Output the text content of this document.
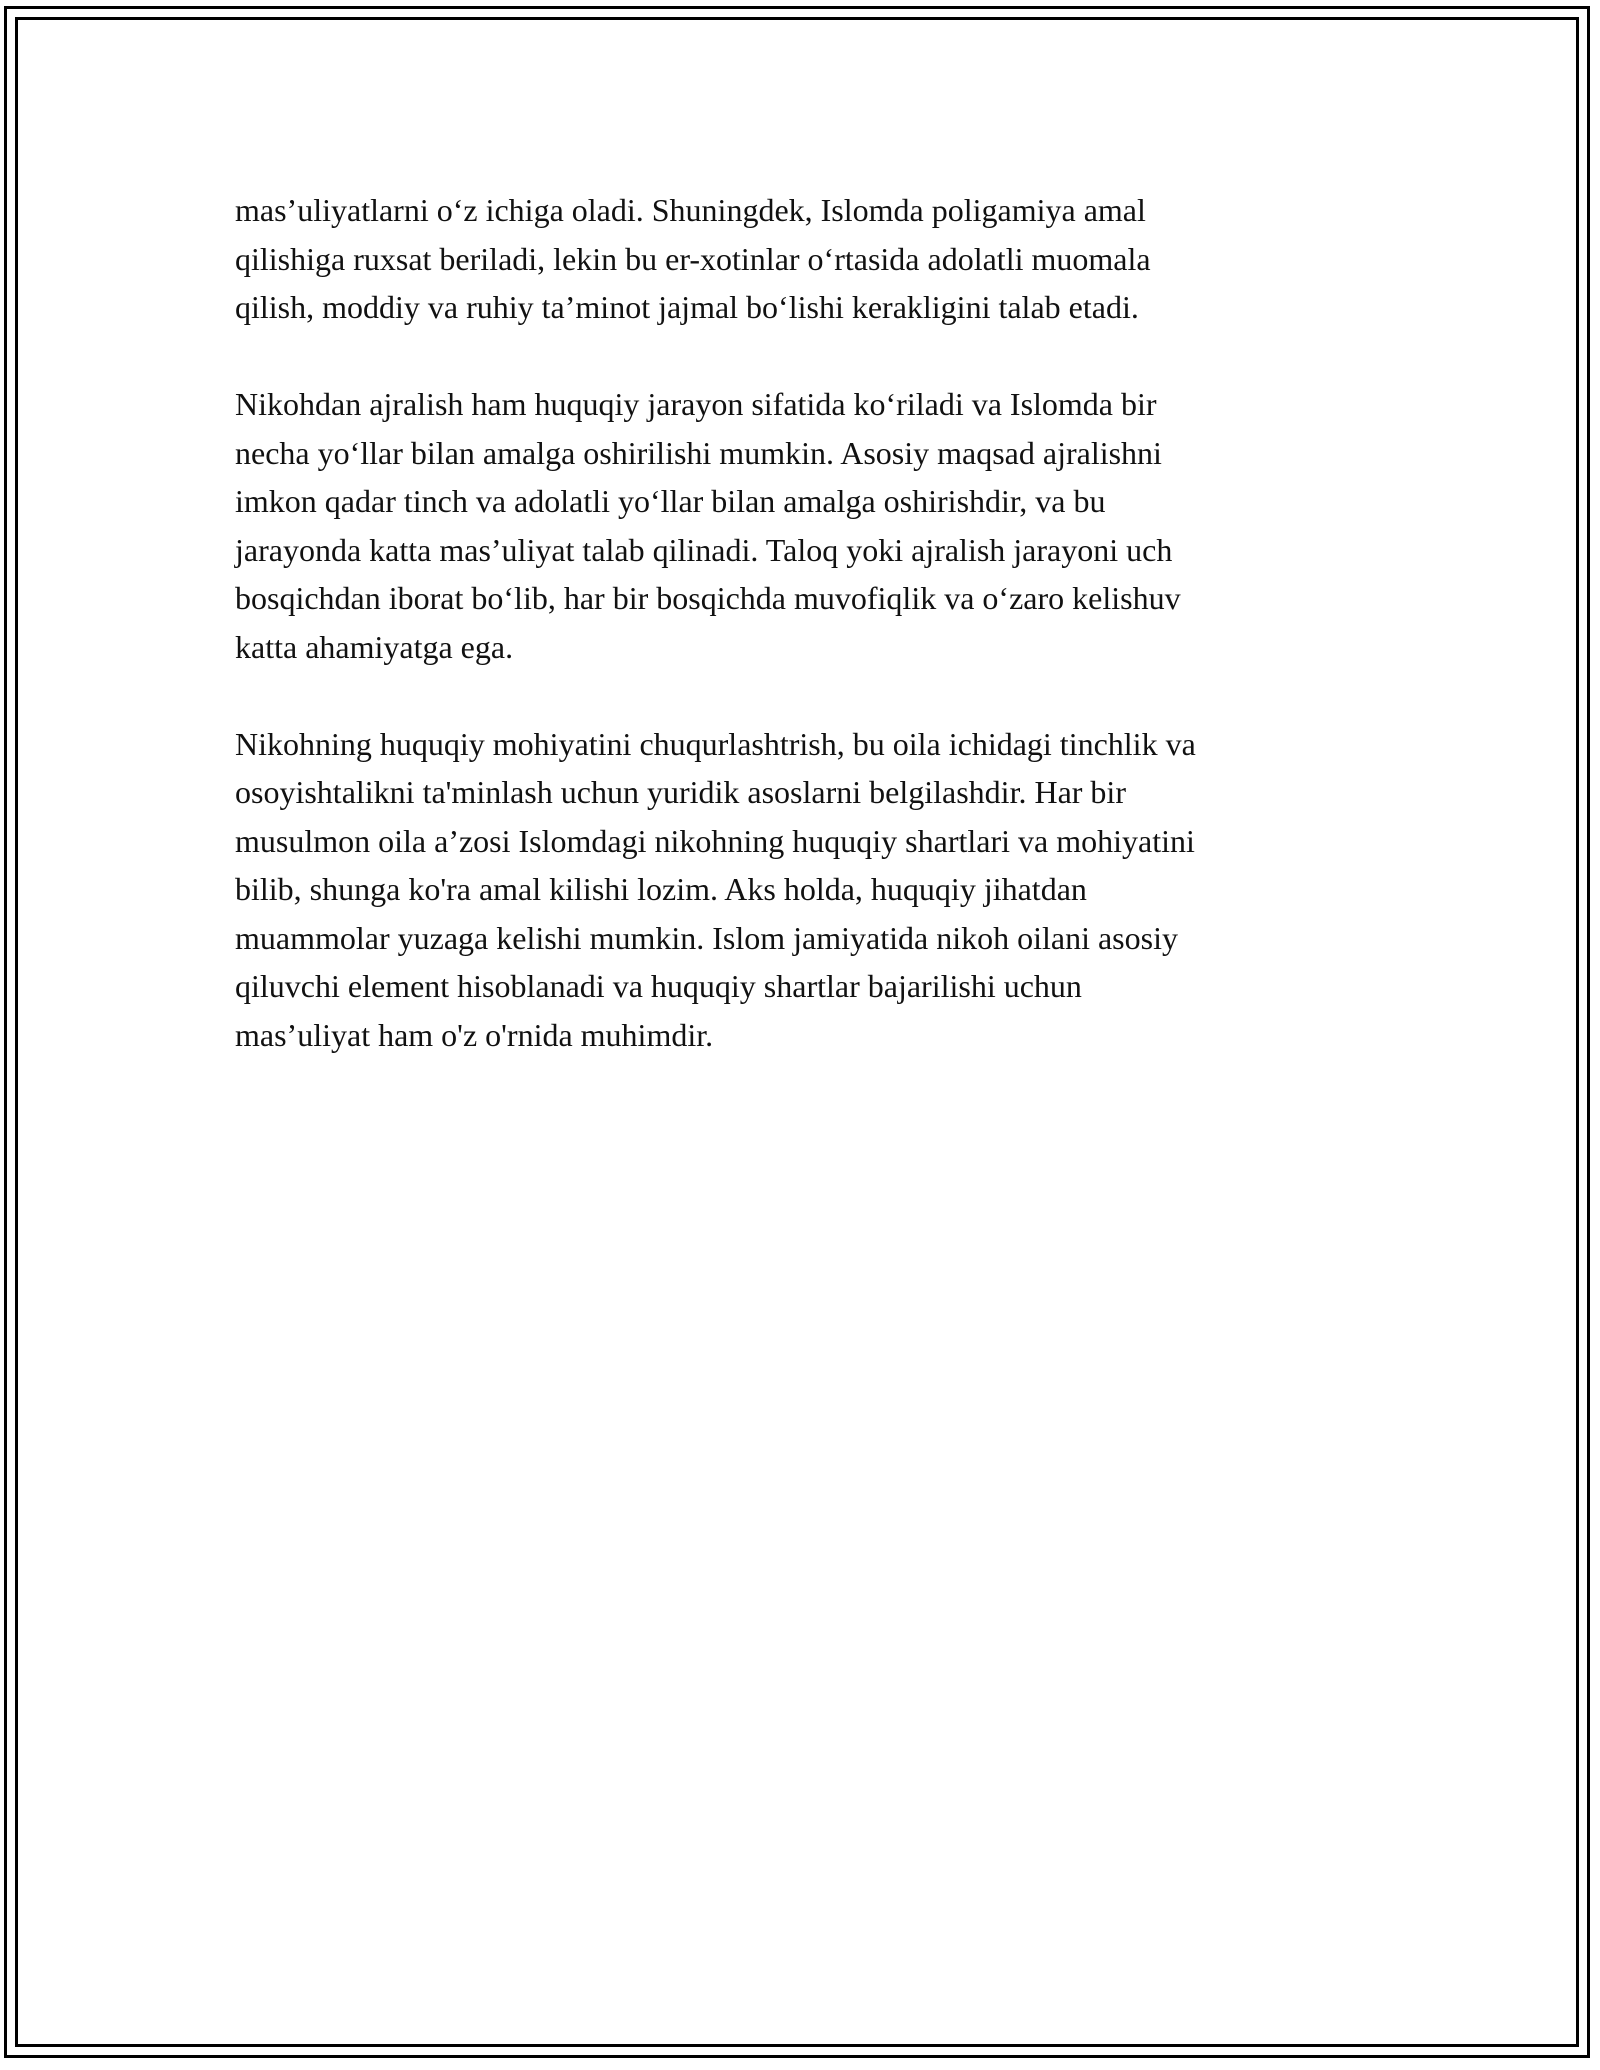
mas’uliyatlarni o‘z ichiga oladi. Shuningdek, Islomda poligamiya amal
qilishiga ruxsat beriladi, lekin bu er-xotinlar o‘rtasida adolatli muomala
qilish, moddiy va ruhiy ta’minot jajmal bo‘lishi kerakligini talab etadi.

Nikohdan ajralish ham huquqiy jarayon sifatida ko‘riladi va Islomda bir
necha yo‘llar bilan amalga oshirilishi mumkin. Asosiy maqsad ajralishni
imkon qadar tinch va adolatli yo‘llar bilan amalga oshirishdir, va bu
jarayonda katta mas’uliyat talab qilinadi. Taloq yoki ajralish jarayoni uch
bosqichdan iborat bo‘lib, har bir bosqichda muvofiqlik va o‘zaro kelishuv
katta ahamiyatga ega.

Nikohning huquqiy mohiyatini chuqurlashtrish, bu oila ichidagi tinchlik va
osoyishtalikni ta'minlash uchun yuridik asoslarni belgilashdir. Har bir
musulmon oila a’zosi Islomdagi nikohning huquqiy shartlari va mohiyatini
bilib, shunga ko'ra amal kilishi lozim. Aks holda, huquqiy jihatdan
muammolar yuzaga kelishi mumkin. Islom jamiyatida nikoh oilani asosiy
qiluvchi element hisoblanadi va huquqiy shartlar bajarilishi uchun
mas’uliyat ham o'z o'rnida muhimdir.
